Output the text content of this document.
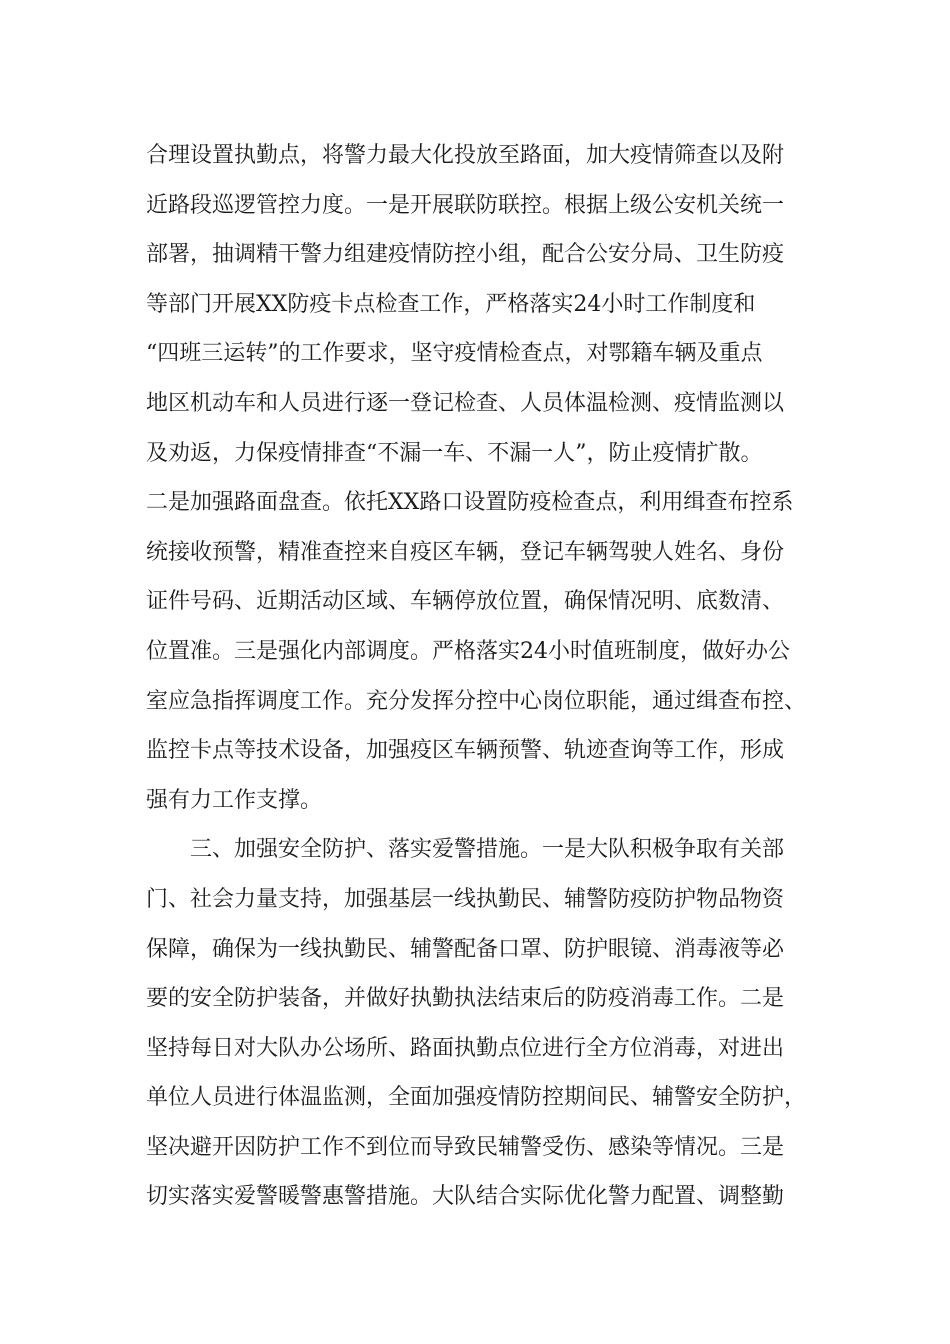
合理设置执勤点，将警力最大化投放至路面，加大疫情筛查以及附
近路段巡逻管控力度。一是开展联防联控。根据上级公安机关统一
部署，抽调精干警力组建疫情防控小组，配合公安分局、卫生防疫
等部门开展XX防疫卡点检查工作，严格落实24小时工作制度和
“四班三运转”的工作要求，坚守疫情检查点，对鄂籍车辆及重点
地区机动车和人员进行逐一登记检查、人员体温检测、疫情监测以
及劝返，力保疫情排查“不漏一车、不漏一人”，防止疫情扩散。
二是加强路面盘查。依托XX路口设置防疫检查点，利用缉查布控系
统接收预警，精准查控来自疫区车辆，登记车辆驾驶人姓名、身份
证件号码、近期活动区域、车辆停放位置，确保情况明、底数清、
位置准。三是强化内部调度。严格落实24小时值班制度，做好办公
室应急指挥调度工作。充分发挥分控中心岗位职能，通过缉查布控、
监控卡点等技术设备，加强疫区车辆预警、轨迹查询等工作，形成
强有力工作支撑。
三、加强安全防护、落实爱警措施。一是大队积极争取有关部
门、社会力量支持，加强基层一线执勤民、辅警防疫防护物品物资
保障，确保为一线执勤民、辅警配备口罩、防护眼镜、消毒液等必
要的安全防护装备，并做好执勤执法结束后的防疫消毒工作。二是
坚持每日对大队办公场所、路面执勤点位进行全方位消毒，对进出
单位人员进行体温监测，全面加强疫情防控期间民、辅警安全防护，
坚决避开因防护工作不到位而导致民辅警受伤、感染等情况。三是
切实落实爱警暖警惠警措施。大队结合实际优化警力配置、调整勤
